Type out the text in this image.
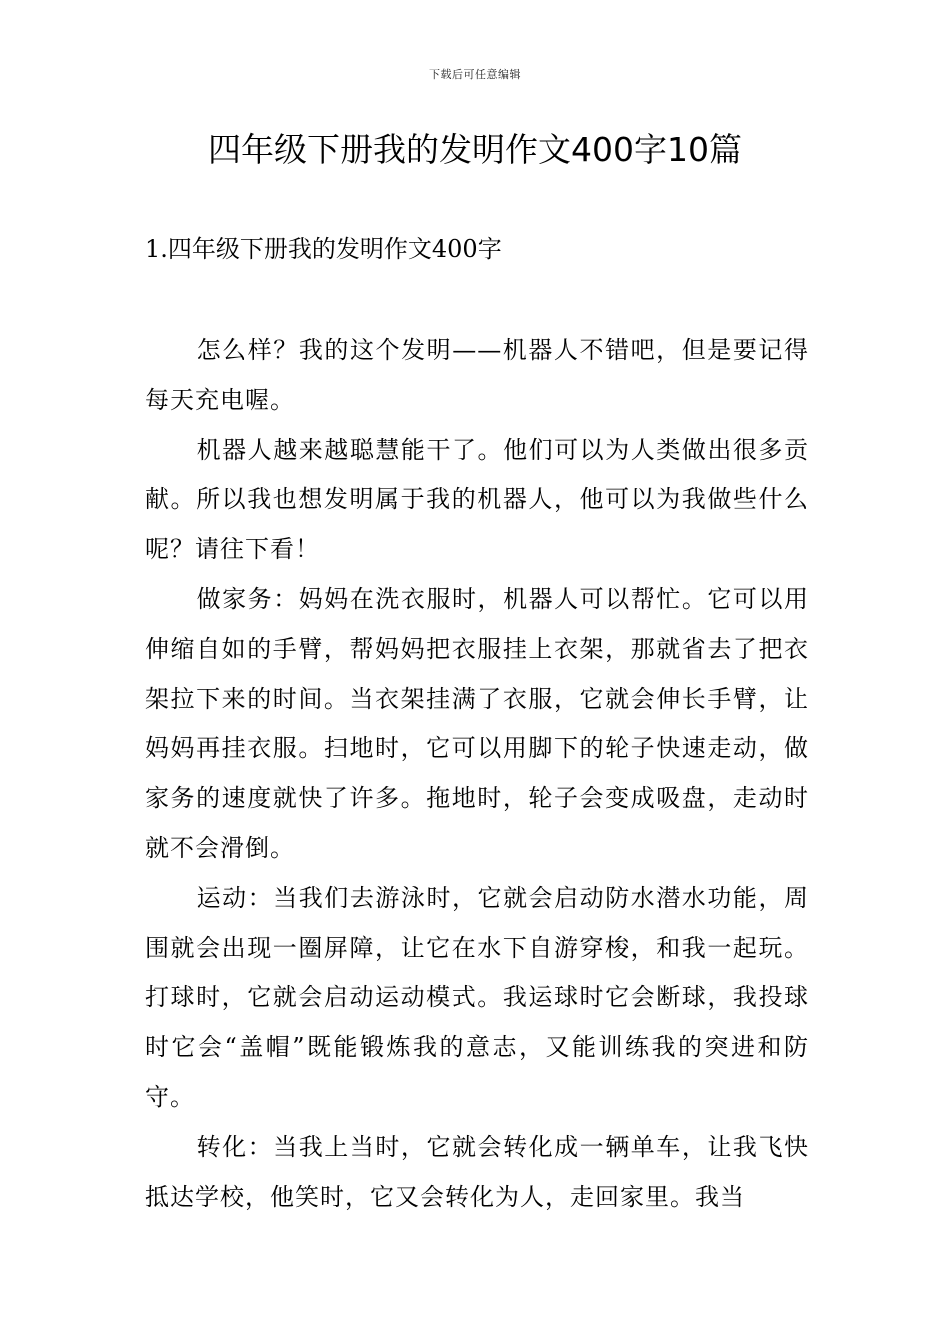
下载后可任意编辑
四年级下册我的发明作文400字10篇
1.四年级下册我的发明作文400字

怎么样？我的这个发明——机器人不错吧，但是要记得每天充电喔。

机器人越来越聪慧能干了。他们可以为人类做出很多贡献。所以我也想发明属于我的机器人，他可以为我做些什么呢？请往下看！

做家务：妈妈在洗衣服时，机器人可以帮忙。它可以用伸缩自如的手臂，帮妈妈把衣服挂上衣架，那就省去了把衣架拉下来的时间。当衣架挂满了衣服，它就会伸长手臂，让妈妈再挂衣服。扫地时，它可以用脚下的轮子快速走动，做家务的速度就快了许多。拖地时，轮子会变成吸盘，走动时就不会滑倒。

运动：当我们去游泳时，它就会启动防水潜水功能，周围就会出现一圈屏障，让它在水下自游穿梭，和我一起玩。打球时，它就会启动运动模式。我运球时它会断球，我投球时它会“盖帽”既能锻炼我的意志，又能训练我的突进和防守。

转化：当我上当时，它就会转化成一辆单车，让我飞快抵达学校，他笑时，它又会转化为人，走回家里。我当
